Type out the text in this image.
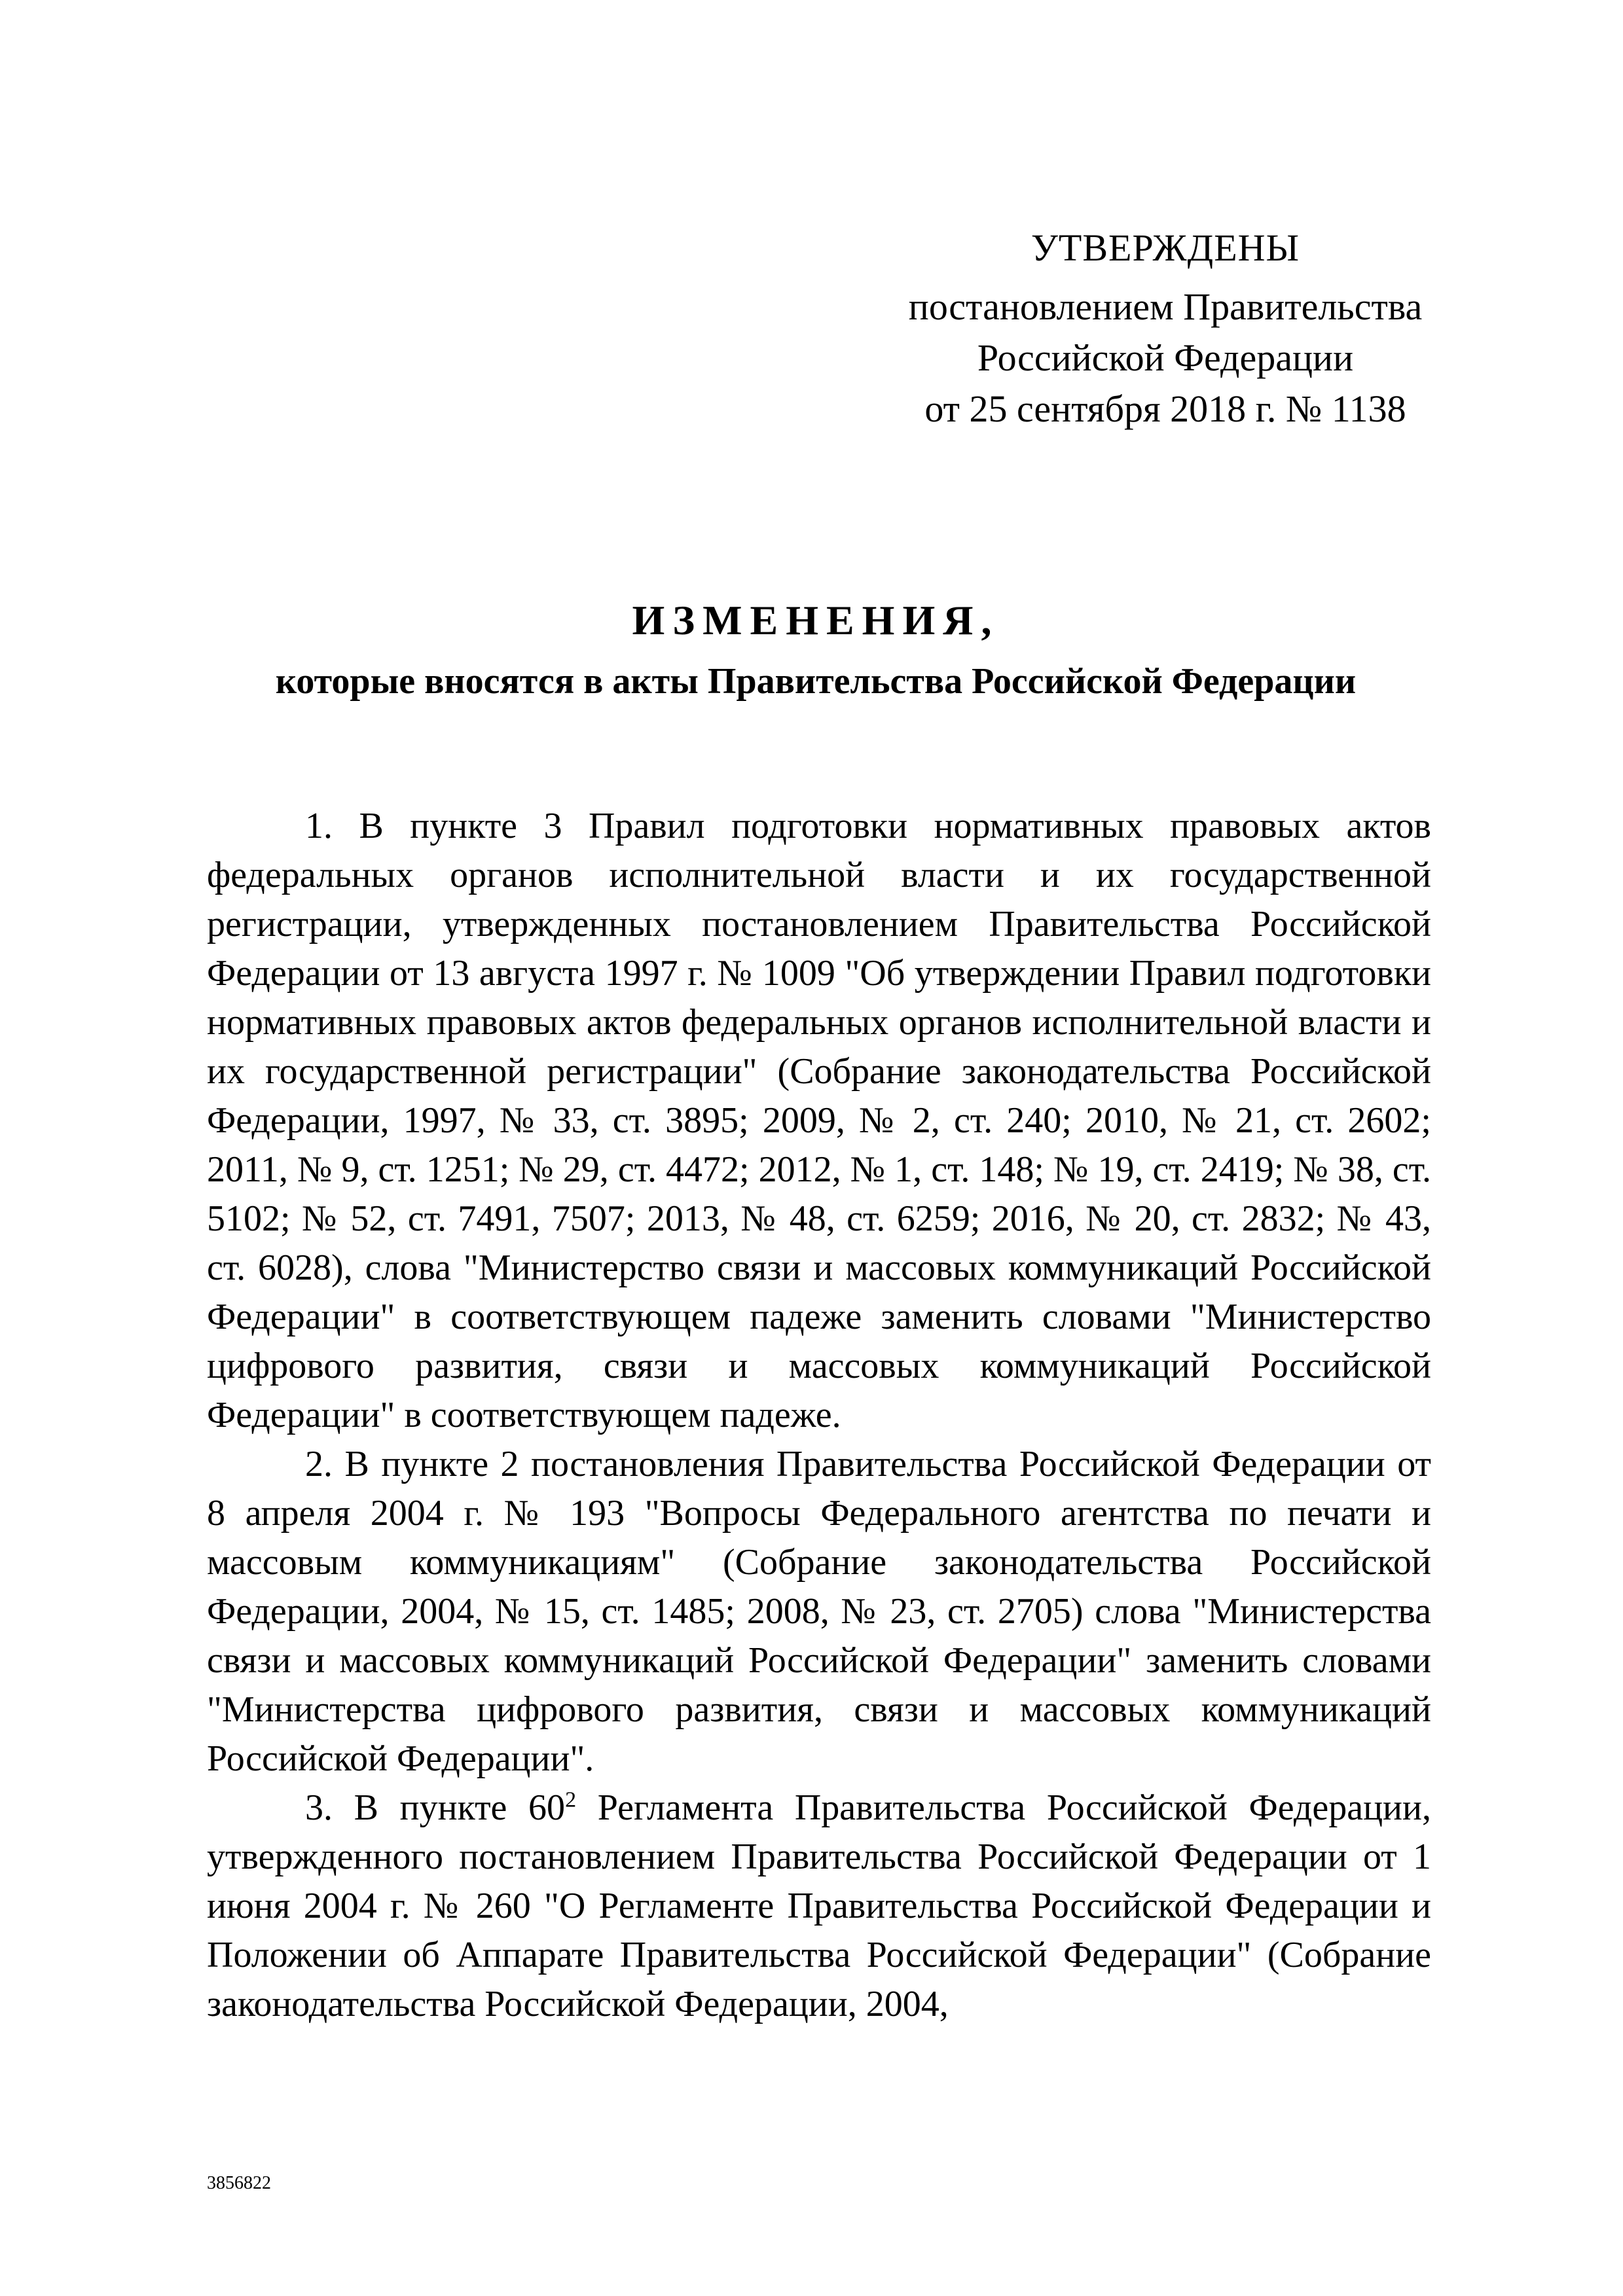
УТВЕРЖДЕНЫ
постановлением Правительства
Российской Федерации
от 25 сентября 2018 г. № 1138
ИЗМЕНЕНИЯ,
которые вносятся в акты Правительства Российской Федерации

1. В пункте 3 Правил подготовки нормативных правовых актов федеральных органов исполнительной власти и их государственной регистрации, утвержденных постановлением Правительства Российской Федерации от 13 августа 1997 г. № 1009 "Об утверждении Правил подготовки нормативных правовых актов федеральных органов исполнительной власти и их государственной регистрации" (Собрание законодательства Российской Федерации, 1997, № 33, ст. 3895; 2009, № 2, ст. 240; 2010, № 21, ст. 2602; 2011, № 9, ст. 1251; № 29, ст. 4472; 2012, № 1, ст. 148; № 19, ст. 2419; № 38, ст. 5102; № 52, ст. 7491, 7507; 2013, № 48, ст. 6259; 2016, № 20, ст. 2832; № 43, ст. 6028), слова "Министерство связи и массовых коммуникаций Российской Федерации" в соответствующем падеже заменить словами "Министерство цифрового развития, связи и массовых коммуникаций Российской Федерации" в соответствующем падеже.

2. В пункте 2 постановления Правительства Российской Федерации от 8 апреля 2004 г. № 193 "Вопросы Федерального агентства по печати и массовым коммуникациям" (Собрание законодательства Российской Федерации, 2004, № 15, ст. 1485; 2008, № 23, ст. 2705) слова "Министерства связи и массовых коммуникаций Российской Федерации" заменить словами "Министерства цифрового развития, связи и массовых коммуникаций Российской Федерации".

3. В пункте $60^2$ Регламента Правительства Российской Федерации, утвержденного постановлением Правительства Российской Федерации от 1 июня 2004 г. № 260 "О Регламенте Правительства Российской Федерации и Положении об Аппарате Правительства Российской Федерации" (Собрание законодательства Российской Федерации, 2004,

3856822
